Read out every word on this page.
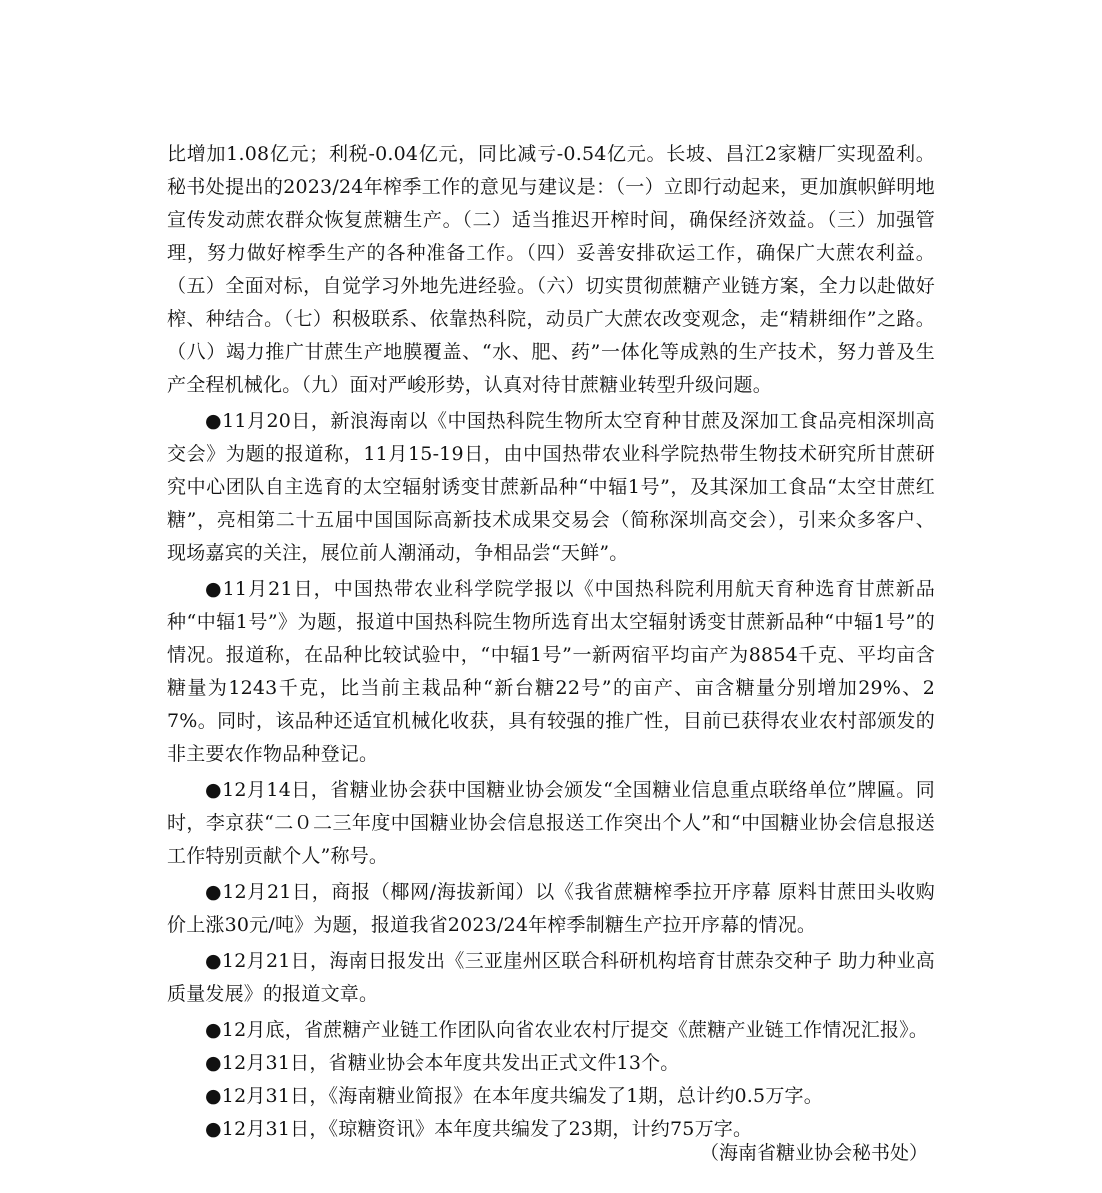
比增加1.08亿元；利税-0.04亿元，同比减亏-0.54亿元。长坡、昌江2家糖厂实现盈利。秘书处提出的2023/24年榨季工作的意见与建议是：（一）立即行动起来，更加旗帜鲜明地宣传发动蔗农群众恢复蔗糖生产。（二）适当推迟开榨时间，确保经济效益。（三）加强管理，努力做好榨季生产的各种准备工作。（四）妥善安排砍运工作，确保广大蔗农利益。（五）全面对标，自觉学习外地先进经验。（六）切实贯彻蔗糖产业链方案，全力以赴做好榨、种结合。（七）积极联系、依靠热科院，动员广大蔗农改变观念，走“精耕细作”之路。（八）竭力推广甘蔗生产地膜覆盖、“水、肥、药”一体化等成熟的生产技术，努力普及生产全程机械化。（九）面对严峻形势，认真对待甘蔗糖业转型升级问题。

●11月20日，新浪海南以《中国热科院生物所太空育种甘蔗及深加工食品亮相深圳高交会》为题的报道称，11月15-19日，由中国热带农业科学院热带生物技术研究所甘蔗研究中心团队自主选育的太空辐射诱变甘蔗新品种“中辐1号”，及其深加工食品“太空甘蔗红糖”，亮相第二十五届中国国际高新技术成果交易会（简称深圳高交会），引来众多客户、现场嘉宾的关注，展位前人潮涌动，争相品尝“天鲜”。

●11月21日，中国热带农业科学院学报以《中国热科院利用航天育种选育甘蔗新品种“中辐1号”》为题，报道中国热科院生物所选育出太空辐射诱变甘蔗新品种“中辐1号”的情况。报道称，在品种比较试验中，“中辐1号”一新两宿平均亩产为8854千克、平均亩含糖量为1243千克，比当前主栽品种“新台糖22号”的亩产、亩含糖量分别增加29%、27%。同时，该品种还适宜机械化收获，具有较强的推广性，目前已获得农业农村部颁发的非主要农作物品种登记。

●12月14日，省糖业协会获中国糖业协会颁发“全国糖业信息重点联络单位”牌匾。同时，李京获“二０二三年度中国糖业协会信息报送工作突出个人”和“中国糖业协会信息报送工作特别贡献个人”称号。

●12月21日，商报（椰网/海拔新闻）以《我省蔗糖榨季拉开序幕 原料甘蔗田头收购价上涨30元/吨》为题，报道我省2023/24年榨季制糖生产拉开序幕的情况。

●12月21日，海南日报发出《三亚崖州区联合科研机构培育甘蔗杂交种子 助力种业高质量发展》的报道文章。

●12月底，省蔗糖产业链工作团队向省农业农村厅提交《蔗糖产业链工作情况汇报》。

●12月31日，省糖业协会本年度共发出正式文件13个。

●12月31日，《海南糖业简报》在本年度共编发了1期，总计约0.5万字。

●12月31日，《琼糖资讯》本年度共编发了23期，计约75万字。

（海南省糖业协会秘书处）
